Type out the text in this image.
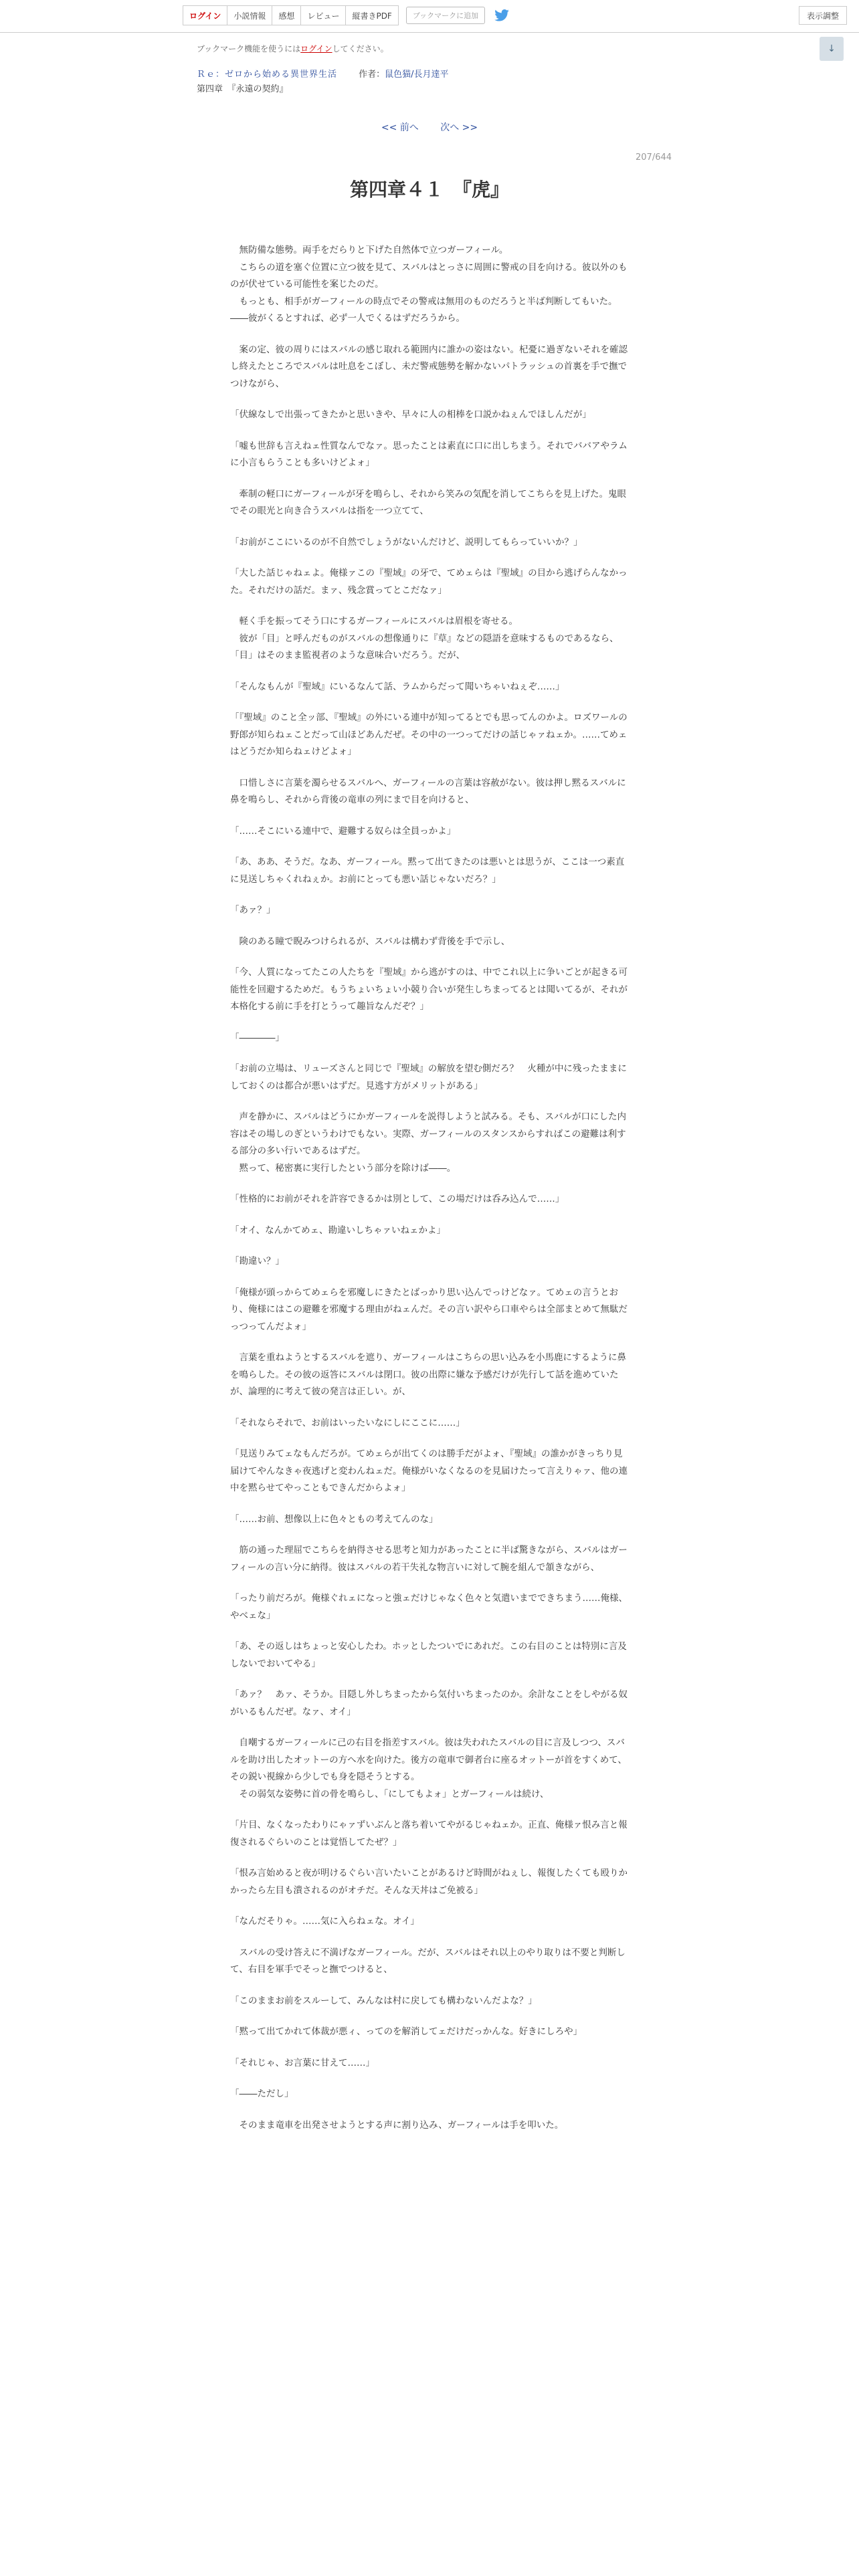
ログイン	小説情報	感想	レビュー	縦書きPDF	ブックマークに追加	表示調整
ブックマーク機能を使うにはログインしてください。	↓
Ｒｅ：ゼロから始める異世界生活 作者：鼠色猫/長月達平
第四章　『永遠の契約』
<< 前へ 次へ >>
207/644
第四章４１　『虎』

　無防備な態勢。両手をだらりと下げた自然体で立つガーフィール。
　こちらの道を塞ぐ位置に立つ彼を見て、スバルはとっさに周囲に警戒の目を向ける。彼以外のものが伏せている可能性を案じたのだ。
　もっとも、相手がガーフィールの時点でその警戒は無用のものだろうと半ば判断してもいた。――彼がくるとすれば、必ず一人でくるはずだろうから。

　案の定、彼の周りにはスバルの感じ取れる範囲内に誰かの姿はない。杞憂に過ぎないそれを確認し終えたところでスバルは吐息をこぼし、未だ警戒態勢を解かないパトラッシュの首裏を手で撫でつけながら、

「伏線なしで出張ってきたかと思いきや、早々に人の相棒を口説かねぇんでほしんだが」

「嘘も世辞も言えねェ性質なんでなァ。思ったことは素直に口に出しちまう。それでババアやラムに小言もらうことも多いけどよォ」

　牽制の軽口にガーフィールが牙を鳴らし、それから笑みの気配を消してこちらを見上げた。鬼眼でその眼光と向き合うスバルは指を一つ立てて、

「お前がここにいるのが不自然でしょうがないんだけど、説明してもらっていいか？」

「大した話じゃねェよ。俺様ァこの『聖域』の牙で、てめェらは『聖域』の目から逃げらんなかった。それだけの話だ。まァ、残念賞ってとこだなァ」

　軽く手を振ってそう口にするガーフィールにスバルは眉根を寄せる。
　彼が「目」と呼んだものがスバルの想像通りに『草』などの隠語を意味するものであるなら、「目」はそのまま監視者のような意味合いだろう。だが、

「そんなもんが『聖域』にいるなんて話、ラムからだって聞いちゃいねぇぞ……」

「『聖域』のこと全ッ部、『聖域』の外にいる連中が知ってるとでも思ってんのかよ。ロズワールの野郎が知らねェことだって山ほどあんだぜ。その中の一つってだけの話じゃァねェか。……てめェはどうだか知らねェけどよォ」

　口惜しさに言葉を濁らせるスバルへ、ガーフィールの言葉は容赦がない。彼は押し黙るスバルに鼻を鳴らし、それから背後の竜車の列にまで目を向けると、

「……そこにいる連中で、避難する奴らは全員っかよ」

「あ、ああ、そうだ。なあ、ガーフィール。黙って出てきたのは悪いとは思うが、ここは一つ素直に見送しちゃくれねぇか。お前にとっても悪い話じゃないだろ？」

「あァ？」

　険のある瞳で睨みつけられるが、スバルは構わず背後を手で示し、

「今、人質になってたこの人たちを『聖域』から逃がすのは、中でこれ以上に争いごとが起きる可能性を回避するためだ。もうちょいちょい小競り合いが発生しちまってるとは聞いてるが、それが本格化する前に手を打とうって趣旨なんだぞ？」

「――――」

「お前の立場は、リューズさんと同じで『聖域』の解放を望む側だろ？　火種が中に残ったままにしておくのは都合が悪いはずだ。見逃す方がメリットがある」

　声を静かに、スバルはどうにかガーフィールを説得しようと試みる。そも、スバルが口にした内容はその場しのぎというわけでもない。実際、ガーフィールのスタンスからすればこの避難は利する部分の多い行いであるはずだ。
　黙って、秘密裏に実行したという部分を除けば――。

「性格的にお前がそれを許容できるかは別として、この場だけは呑み込んで……」

「オイ、なんかてめェ、勘違いしちゃァいねェかよ」

「勘違い？」

「俺様が頭っからてめェらを邪魔しにきたとばっかり思い込んでっけどなァ。てめェの言うとおり、俺様にはこの避難を邪魔する理由がねェんだ。その言い訳やら口車やらは全部まとめて無駄だっつってんだよォ」

　言葉を重ねようとするスバルを遮り、ガーフィールはこちらの思い込みを小馬鹿にするように鼻を鳴らした。その彼の返答にスバルは閉口。彼の出際に嫌な予感だけが先行して話を進めていたが、論理的に考えて彼の発言は正しい。が、

「それならそれで、お前はいったいなにしにここに……」

「見送りみてェなもんだろが。てめェらが出てくのは勝手だがよォ、『聖域』の誰かがきっちり見届けてやんなきゃ夜逃げと変わんねェだ。俺様がいなくなるのを見届けたって言えりゃァ、他の連中を黙らせてやっこともできんだからよォ」

「……お前、想像以上に色々ともの考えてんのな」

　筋の通った理屈でこちらを納得させる思考と知力があったことに半ば驚きながら、スバルはガーフィールの言い分に納得。彼はスバルの若干失礼な物言いに対して腕を組んで頷きながら、

「ったり前だろが。俺様ぐれェになっと強ェだけじゃなく色々と気遣いまでできちまう……俺様、やべェな」

「あ、その返しはちょっと安心したわ。ホッとしたついでにあれだ。この右目のことは特別に言及しないでおいてやる」

「あァ？　あァ、そうか。目隠し外しちまったから気付いちまったのか。余計なことをしやがる奴がいるもんだぜ。なァ、オイ」

　自嘲するガーフィールに己の右目を指差すスバル。彼は失われたスバルの目に言及しつつ、スバルを助け出したオットーの方へ水を向けた。後方の竜車で御者台に座るオットーが首をすくめて、その鋭い視線から少しでも身を隠そうとする。
　その弱気な姿勢に首の骨を鳴らし、「にしてもよォ」とガーフィールは続け、

「片目、なくなったわりにゃァずいぶんと落ち着いてやがるじゃねェか。正直、俺様ァ恨み言と報復されるぐらいのことは覚悟してたぜ？」

「恨み言始めると夜が明けるぐらい言いたいことがあるけど時間がねぇし、報復したくても殴りかかったら左目も潰されるのがオチだ。そんな天丼はご免被る」

「なんだそりゃ。……気に入らねェな。オイ」

　スバルの受け答えに不満げなガーフィール。だが、スバルはそれ以上のやり取りは不要と判断して、右目を軍手でそっと撫でつけると、

「このままお前をスルーして、みんなは村に戻しても構わないんだよな？」

「黙って出てかれて体裁が悪ィ、ってのを解消してェだけだっかんな。好きにしろや」

「それじゃ、お言葉に甘えて……」

「――ただし」

　そのまま竜車を出発させようとする声に割り込み、ガーフィールは手を叩いた。
